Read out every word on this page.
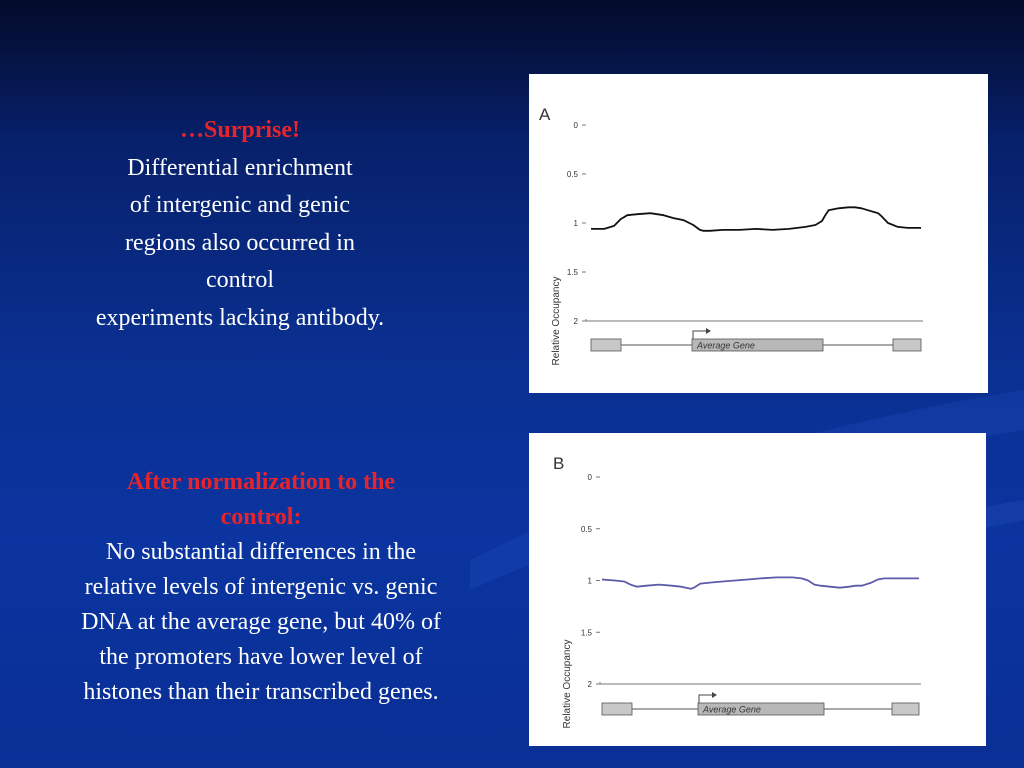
…Surprise!
Differential enrichment
of intergenic and genic
regions also occurred in
control
experiments lacking antibody.
After normalization to the
control:
No substantial differences in the
relative levels of intergenic vs. genic
DNA at the average gene, but 40% of
the promoters have lower level of
histones than their transcribed genes.
A
0
0.5
1
1.5
2
Relative Occupancy	Average Gene
B
0
0.5
1.5
1
2
Relative Occupancy	Average Gene
